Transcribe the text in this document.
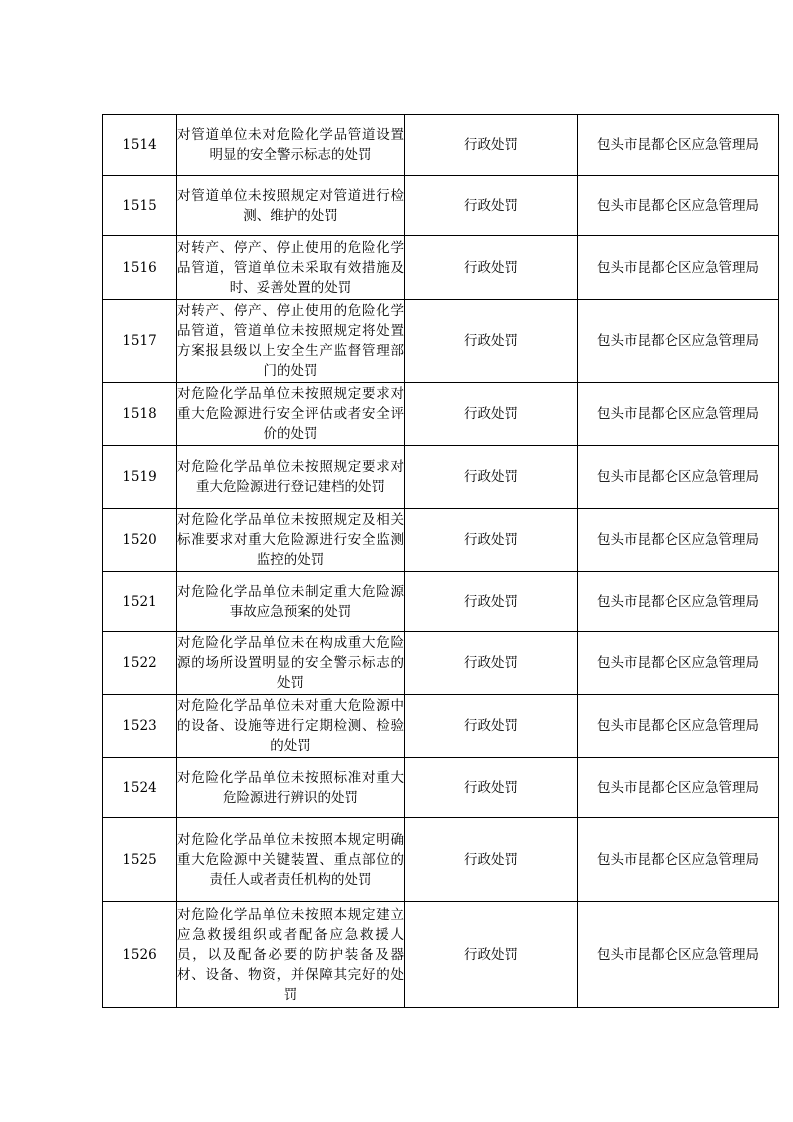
1514	对管道单位未对危险化学品管道设置明显的安全警示标志的处罚	行政处罚	包头市昆都仑区应急管理局
1515	对管道单位未按照规定对管道进行检测、维护的处罚	行政处罚	包头市昆都仑区应急管理局
1516	对转产、停产、停止使用的危险化学品管道，管道单位未采取有效措施及时、妥善处置的处罚	行政处罚	包头市昆都仑区应急管理局
1517	对转产、停产、停止使用的危险化学品管道，管道单位未按照规定将处置方案报县级以上安全生产监督管理部门的处罚	行政处罚	包头市昆都仑区应急管理局
1518	对危险化学品单位未按照规定要求对重大危险源进行安全评估或者安全评价的处罚	行政处罚	包头市昆都仑区应急管理局
1519	对危险化学品单位未按照规定要求对重大危险源进行登记建档的处罚	行政处罚	包头市昆都仑区应急管理局
1520	对危险化学品单位未按照规定及相关标准要求对重大危险源进行安全监测监控的处罚	行政处罚	包头市昆都仑区应急管理局
1521	对危险化学品单位未制定重大危险源事故应急预案的处罚	行政处罚	包头市昆都仑区应急管理局
1522	对危险化学品单位未在构成重大危险源的场所设置明显的安全警示标志的处罚	行政处罚	包头市昆都仑区应急管理局
1523	对危险化学品单位未对重大危险源中的设备、设施等进行定期检测、检验的处罚	行政处罚	包头市昆都仑区应急管理局
1524	对危险化学品单位未按照标准对重大危险源进行辨识的处罚	行政处罚	包头市昆都仑区应急管理局
1525	对危险化学品单位未按照本规定明确重大危险源中关键装置、重点部位的责任人或者责任机构的处罚	行政处罚	包头市昆都仑区应急管理局
1526	对危险化学品单位未按照本规定建立应急救援组织或者配备应急救援人员，以及配备必要的防护装备及器材、设备、物资，并保障其完好的处罚	行政处罚	包头市昆都仑区应急管理局
